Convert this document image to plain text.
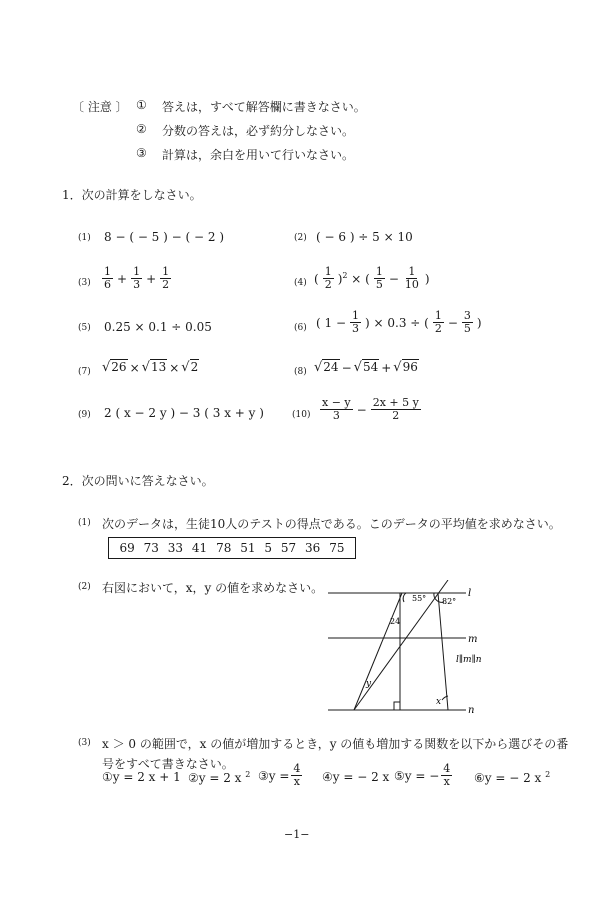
〔 注意 〕 ① 答えは，すべて解答欄に書きなさい。
② 分数の答えは，必ず約分しなさい。
③ 計算は，余白を用いて行いなさい。
1．次の計算をしなさい。
(1) 8 − ( − 5 ) − ( − 2 )	(2) ( − 6 ) ÷ 5 × 10
$(3) \frac{1}{6} + \frac{1}{3} + \frac{1}{2}$	(4) ( $\frac{1}{2} )^2$ × ( $\frac{1}{5} - \frac{1}{10}$ )
(5) 0.25 × 0.1 ÷ 0.05	(6) ( $1 - \frac{1}{3}$ ) × 0.3 ÷ ( $\frac{1}{2} - \frac{3}{5}$ )
(7) √26 × √13 × √2	(8) √24 − √54 + √96
(9) 2 ( x − 2 y ) − 3 ( 3 x + y )	$(10) \frac{x - y}{3} - \frac{2x + 5 y}{2}$
2．次の問いに答えなさい。
(1) 次のデータは，生徒10人のテストの得点である。このデータの平均値を求めなさい。
69 73 33 41 78 51 5 57 36 75
(2) 右図において，x，y の値を求めなさい。
55° 82°
24
y
x
l
m
n
l∥m∥n
(3) x ＞ 0 の範囲で，x の値が増加するとき，y の値も増加する関数を以下から選びその番
号をすべて書きなさい。
①y = 2 x + 1 ②y = 2 x $^2$ ③y = $\frac{4}{x}$ ④y = − 2 x ⑤y = − $\frac{4}{x}$ ⑥y = − 2 x $^2$
−1−
